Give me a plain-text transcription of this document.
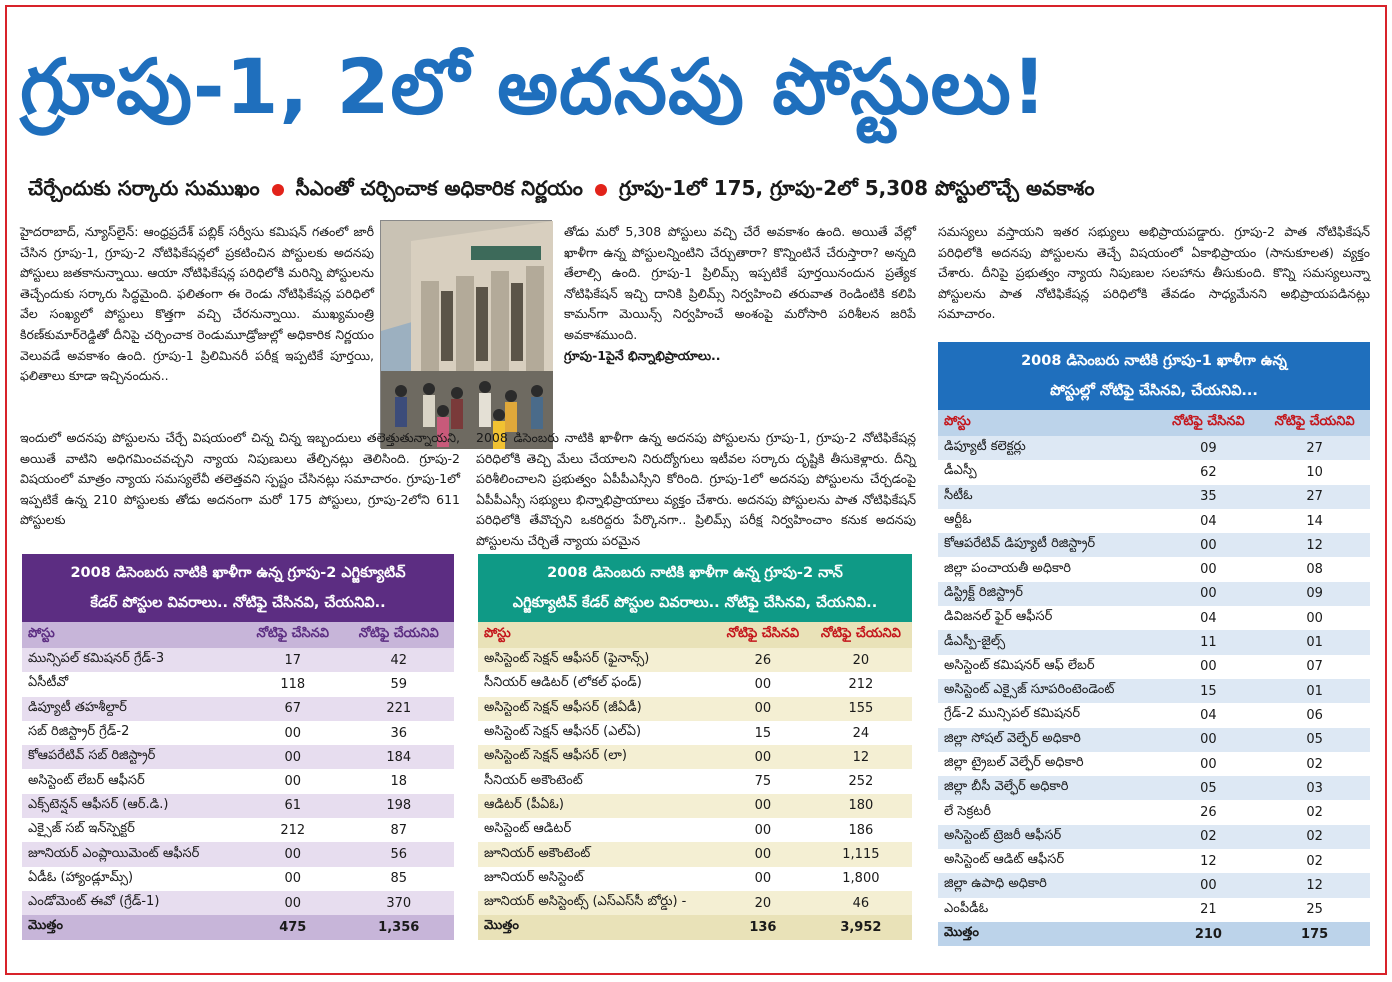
గ్రూపు-1, 2లో అదనపు పోస్టులు!
చేర్చేందుకు సర్కారు సుముఖం సీఎంతో చర్చించాక అధికారిక నిర్ణయం గ్రూపు-1లో 175, గ్రూపు-2లో 5,308 పోస్టులొచ్చే అవకాశం

హైదరాబాద్, న్యూస్‌లైన్: ఆంధ్రప్రదేశ్ పబ్లిక్ సర్వీసు కమిషన్ గతంలో జారీ చేసిన గ్రూపు-1, గ్రూపు-2 నోటిఫికేషన్లలో ప్రకటించిన పోస్టులకు అదనపు పోస్టులు జతకానున్నాయి. ఆయా నోటిఫికేషన్ల పరిధిలోకి మరిన్ని పోస్టులను తెచ్చేందుకు సర్కారు సిద్ధమైంది. ఫలితంగా ఈ రెండు నోటిఫికేషన్ల పరిధిలో వేల సంఖ్యలో పోస్టులు కొత్తగా వచ్చి చేరనున్నాయి. ముఖ్యమంత్రి కిరణ్‌కుమార్‌రెడ్డితో దీనిపై చర్చించాక రెండుమూడ్రోజుల్లో అధికారిక నిర్ణయం వెలువడే అవకాశం ఉంది. గ్రూపు-1 ప్రిలిమినరీ పరీక్ష ఇప్పటికే పూర్తయి, ఫలితాలు కూడా ఇచ్చినందున..

ఇందులో అదనపు పోస్టులను చేర్చే విషయంలో చిన్న చిన్న ఇబ్బందులు తలెత్తుతున్నాయని, అయితే వాటిని అధిగమించవచ్చని న్యాయ నిపుణులు తేల్చినట్లు తెలిసింది. గ్రూపు-2 విషయంలో మాత్రం న్యాయ సమస్యలేవీ తలెత్తవని స్పష్టం చేసినట్లు సమాచారం. గ్రూపు-1లో ఇప్పటికే ఉన్న 210 పోస్టులకు తోడు అదనంగా మరో 175 పోస్టులు, గ్రూపు-2లోని 611 పోస్టులకు

తోడు మరో 5,308 పోస్టులు వచ్చి చేరే అవకాశం ఉంది. అయితే వేల్లో ఖాళీగా ఉన్న పోస్టులన్నింటిని చేర్చుతారా? కొన్నింటినే చేరుస్తారా? అన్నది తేలాల్సి ఉంది. గ్రూపు-1 ప్రిలిమ్స్ ఇప్పటికే పూర్తయినందున ప్రత్యేక నోటిఫికేషన్ ఇచ్చి దానికి ప్రిలిమ్స్ నిర్వహించి తరువాత రెండింటికి కలిపి కామన్‌గా మెయిన్స్ నిర్వహించే అంశంపై మరోసారి పరిశీలన జరిపే అవకాశముంది.

గ్రూపు-1పైనే భిన్నాభిప్రాయాలు..

2008 డిసెంబరు నాటికి ఖాళీగా ఉన్న అదనపు పోస్టులను గ్రూపు-1, గ్రూపు-2 నోటిఫికేషన్ల పరిధిలోకి తెచ్చి మేలు చేయాలని నిరుద్యోగులు ఇటీవల సర్కారు దృష్టికి తీసుకెళ్లారు. దీన్ని పరిశీలించాలని ప్రభుత్వం ఏపీపీఎస్సీని కోరింది. గ్రూపు-1లో అదనపు పోస్టులను చేర్చడంపై ఏపీపీఎస్సీ సభ్యులు భిన్నాభిప్రాయాలు వ్యక్తం చేశారు. అదనపు పోస్టులను పాత నోటిఫికేషన్ పరిధిలోకి తేవొచ్చని ఒకరిద్దరు పేర్కొనగా.. ప్రిలిమ్స్ పరీక్ష నిర్వహించాం కనుక అదనపు పోస్టులను చేర్చితే న్యాయ పరమైన

సమస్యలు వస్తాయని ఇతర సభ్యులు అభిప్రాయపడ్డారు. గ్రూపు-2 పాత నోటిఫికేషన్ పరిధిలోకి అదనపు పోస్టులను తెచ్చే విషయంలో ఏకాభిప్రాయం (సానుకూలత) వ్యక్తం చేశారు. దీనిపై ప్రభుత్వం న్యాయ నిపుణుల సలహాను తీసుకుంది. కొన్ని సమస్యలున్నా పోస్టులను పాత నోటిఫికేషన్ల పరిధిలోకి తేవడం సాధ్యమేనని అభిప్రాయపడినట్లు సమాచారం.

2008 డిసెంబరు నాటికి ఖాళీగా ఉన్న గ్రూపు-2 ఎగ్జిక్యూటివ్
కేడర్ పోస్టుల వివరాలు.. నోటిఫై చేసినవి, చేయనివి..
పోస్టు	నోటిఫై చేసినవి	నోటిఫై చేయనివి
మున్సిపల్ కమిషనర్ గ్రేడ్-3	17	42
ఏసీటీవో	118	59
డిప్యూటీ తహశీల్దార్	67	221
సబ్ రిజిస్ట్రార్ గ్రేడ్-2	00	36
కోఆపరేటివ్ సబ్ రిజిస్ట్రార్	00	184
అసిస్టెంట్ లేబర్ ఆఫీసర్	00	18
ఎక్స్‌టెన్షన్ ఆఫీసర్ (ఆర్.డి.)	61	198
ఎక్సైజ్ సబ్ ఇన్‌స్పెక్టర్	212	87
జూనియర్ ఎంప్లాయిమెంట్ ఆఫీసర్	00	56
ఏడీఓ (హ్యాండ్లూమ్స్)	00	85
ఎండోమెంట్ ఈవో (గ్రేడ్-1)	00	370
మొత్తం	475	1,356
2008 డిసెంబరు నాటికి ఖాళీగా ఉన్న గ్రూపు-2 నాన్
ఎగ్జిక్యూటివ్ కేడర్ పోస్టుల వివరాలు.. నోటిఫై చేసినవి, చేయనివి..
పోస్టు	నోటిఫై చేసినవి	నోటిఫై చేయనివి
అసిస్టెంట్ సెక్షన్ ఆఫీసర్ (ఫైనాన్స్)	26	20
సీనియర్ ఆడిటర్ (లోకల్ ఫండ్)	00	212
అసిస్టెంట్ సెక్షన్ ఆఫీసర్ (జీఏడీ)	00	155
అసిస్టెంట్ సెక్షన్ ఆఫీసర్ (ఎల్ఏ)	15	24
అసిస్టెంట్ సెక్షన్ ఆఫీసర్ (లా)	00	12
సీనియర్ అకౌంటెంట్	75	252
ఆడిటర్ (పీఏఓ)	00	180
అసిస్టెంట్ ఆడిటర్	00	186
జూనియర్ అకౌంటెంట్	00	1,115
జూనియర్ అసిస్టెంట్	00	1,800
జూనియర్ అసిస్టెంట్స్ (ఎస్ఎస్‌సీ బోర్డు) -	20	46
మొత్తం	136	3,952
2008 డిసెంబరు నాటికి గ్రూపు-1 ఖాళీగా ఉన్న
పోస్టుల్లో నోటిఫై చేసినవి, చేయనివి...
పోస్టు	నోటిఫై చేసినవి	నోటిఫై చేయనివి
డిప్యూటీ కలెక్టర్లు	09	27
డీఎస్పీ	62	10
సీటీఓ	35	27
ఆర్టీఓ	04	14
కోఆపరేటివ్ డిప్యూటీ రిజిస్ట్రార్	00	12
జిల్లా పంచాయతీ అధికారి	00	08
డిస్ట్రిక్ట్ రిజిస్ట్రార్	00	09
డివిజనల్ ఫైర్ ఆఫీసర్	04	00
డీఎస్పీ-జైల్స్	11	01
అసిస్టెంట్ కమిషనర్ ఆఫ్ లేబర్	00	07
అసిస్టెంట్ ఎక్సైజ్ సూపరింటెండెంట్	15	01
గ్రేడ్-2 మున్సిపల్ కమిషనర్	04	06
జిల్లా సోషల్ వెల్ఫేర్ అధికారి	00	05
జిల్లా ట్రైబల్ వెల్ఫేర్ అధికారి	00	02
జిల్లా బీసీ వెల్ఫేర్ అధికారి	05	03
లే సెక్రటరీ	26	02
అసిస్టెంట్ ట్రెజరీ ఆఫీసర్	02	02
అసిస్టెంట్ ఆడిట్ ఆఫీసర్	12	02
జిల్లా ఉపాధి అధికారి	00	12
ఎంపీడీఓ	21	25
మొత్తం	210	175
